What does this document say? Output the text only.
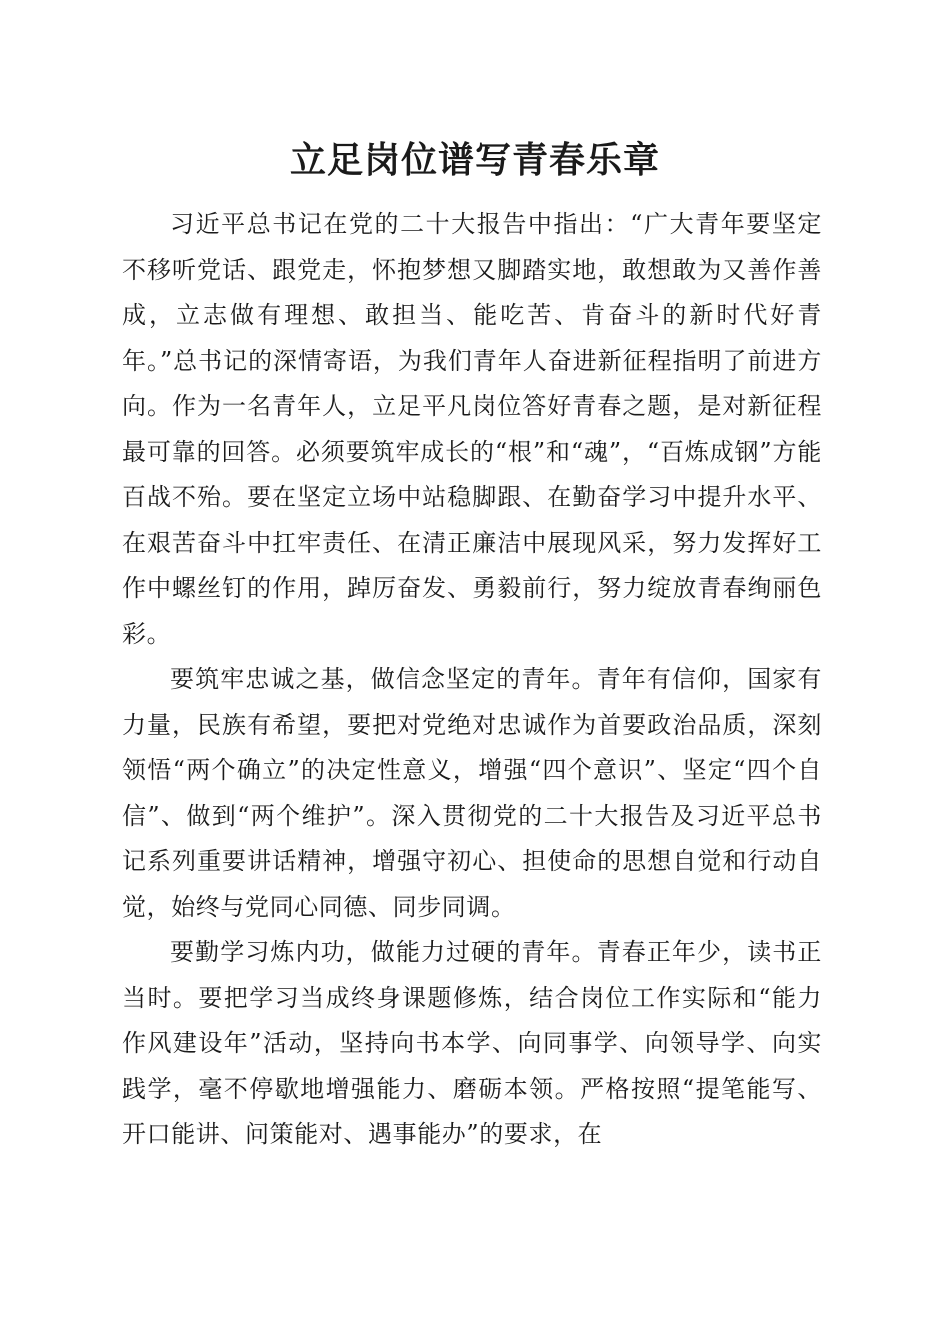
立足岗位谱写青春乐章

习近平总书记在党的二十大报告中指出：“广大青年要坚定不移听党话、跟党走，怀抱梦想又脚踏实地，敢想敢为又善作善成，立志做有理想、敢担当、能吃苦、肯奋斗的新时代好青年。”总书记的深情寄语，为我们青年人奋进新征程指明了前进方向。作为一名青年人，立足平凡岗位答好青春之题，是对新征程最可靠的回答。必须要筑牢成长的“根”和“魂”，“百炼成钢”方能百战不殆。要在坚定立场中站稳脚跟、在勤奋学习中提升水平、在艰苦奋斗中扛牢责任、在清正廉洁中展现风采，努力发挥好工作中螺丝钉的作用，踔厉奋发、勇毅前行，努力绽放青春绚丽色彩。

要筑牢忠诚之基，做信念坚定的青年。青年有信仰，国家有力量，民族有希望，要把对党绝对忠诚作为首要政治品质，深刻领悟“两个确立”的决定性意义，增强“四个意识”、坚定“四个自信”、做到“两个维护”。深入贯彻党的二十大报告及习近平总书记系列重要讲话精神，增强守初心、担使命的思想自觉和行动自觉，始终与党同心同德、同步同调。

要勤学习炼内功，做能力过硬的青年。青春正年少，读书正当时。要把学习当成终身课题修炼，结合岗位工作实际和“能力作风建设年”活动，坚持向书本学、向同事学、向领导学、向实践学，毫不停歇地增强能力、磨砺本领。严格按照“提笔能写、开口能讲、问策能对、遇事能办”的要求，在
